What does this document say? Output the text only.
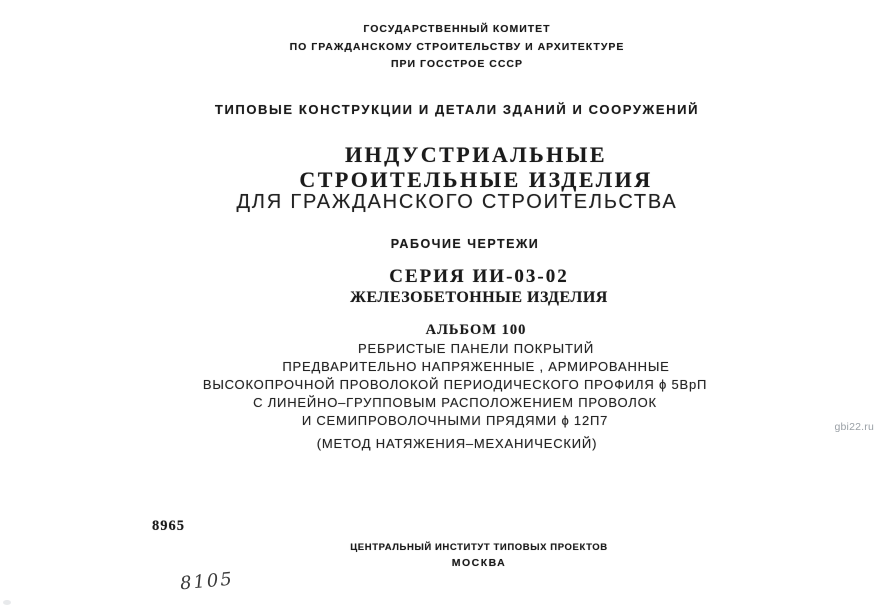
ГОСУДАРСТВЕННЫЙ КОМИТЕТ
ПО ГРАЖДАНСКОМУ СТРОИТЕЛЬСТВУ И АРХИТЕКТУРЕ
ПРИ ГОССТРОЕ СССР
ТИПОВЫЕ КОНСТРУКЦИИ И ДЕТАЛИ ЗДАНИЙ И СООРУЖЕНИЙ
ИНДУСТРИАЛЬНЫЕ
СТРОИТЕЛЬНЫЕ ИЗДЕЛИЯ
ДЛЯ ГРАЖДАНСКОГО СТРОИТЕЛЬСТВА
РАБОЧИЕ ЧЕРТЕЖИ
СЕРИЯ ИИ-03-02
ЖЕЛЕЗОБЕТОННЫЕ ИЗДЕЛИЯ
АЛЬБОМ 100
РЕБРИСТЫЕ ПАНЕЛИ ПОКРЫТИЙ
ПРЕДВАРИТЕЛЬНО НАПРЯЖЕННЫЕ , АРМИРОВАННЫЕ
ВЫСОКОПРОЧНОЙ ПРОВОЛОКОЙ ПЕРИОДИЧЕСКОГО ПРОФИЛЯ ϕ 5ВрП
С ЛИНЕЙНО–ГРУППОВЫМ РАСПОЛОЖЕНИЕМ ПРОВОЛОК
И СЕМИПРОВОЛОЧНЫМИ ПРЯДЯМИ ϕ 12П7
(МЕТОД НАТЯЖЕНИЯ–МЕХАНИЧЕСКИЙ)
8965
ЦЕНТРАЛЬНЫЙ ИНСТИТУТ ТИПОВЫХ ПРОЕКТОВ
МОСКВА
8105
gbi22.ru
